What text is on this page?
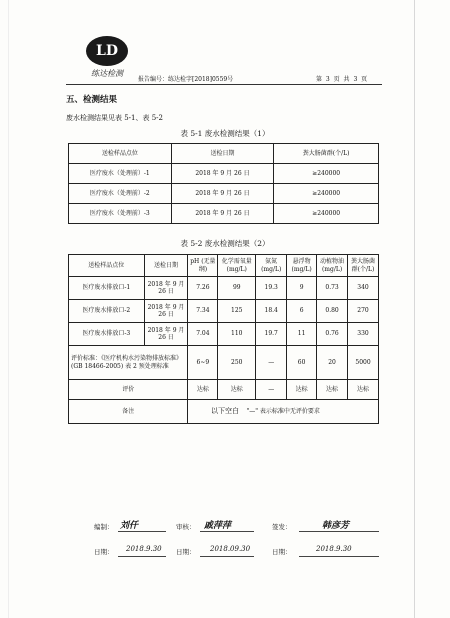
LD
练达检测
报告编号：练达检字[2018]0559号	第 3 页 共 3 页
五、检测结果
废水检测结果见表 5-1、表 5-2
表 5-1 废水检测结果（1）
送检样品点位	送检日期	粪大肠菌群(个/L)
医疗废水（处理前）-1	2018 年 9 月 26 日	≥240000
医疗废水（处理前）-2	2018 年 9 月 26 日	≥240000
医疗废水（处理前）-3	2018 年 9 月 26 日	≥240000
表 5-2 废水检测结果（2）
送检样品点位	送检日期	pH (无量纲)	化学需氧量(mg/L)	氨氮 (mg/L)	悬浮物 (mg/L)	动植物油 (mg/L)	粪大肠菌群(个/L)
医疗废水排放口-1	2018 年 9 月 26 日	7.26	99	19.3	9	0.73	340
医疗废水排放口-2	2018 年 9 月 26 日	7.34	125	18.4	6	0.80	270
医疗废水排放口-3	2018 年 9 月 26 日	7.04	110	19.7	11	0.76	330
评价标准：《医疗机构水污染物排放标准》(GB 18466-2005) 表 2 预处理标准		6~9	250	—	60	20	5000
评价		达标	达标	—	达标	达标	达标
备注		"—" 表示标准中无评价要求					
以下空白
编制： 刘仟	审核： 戚萍萍	签发：	韩彦芳
日期： 2018.9.30 日期： 2018.09.30	日期：	2018.9.30
